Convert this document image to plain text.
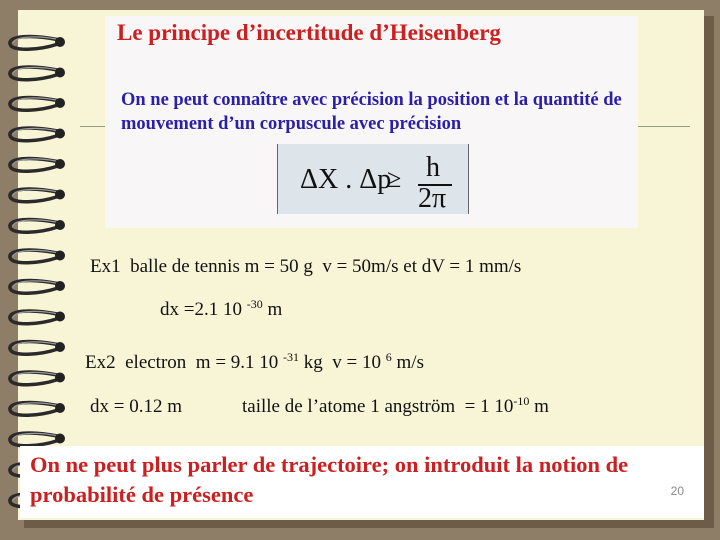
Le principe d’incertitude d’Heisenberg
On ne peut connaître avec précision la position et la quantité de mouvement d’un corpuscule avec précision
ΔX . Δp
≥ h
2π
Ex1  balle de tennis m = 50 g  v = 50m/s et dV = 1 mm/s
dx =2.1 10 $^{-30}$ m
Ex2  electron  m = 9.1 10 $^{-31}$ kg  v = 10 $^6$ m/s
dx = 0.12 m	taille de l’atome 1 angström  = 1 $10^{-10}$ m
On ne peut plus parler de trajectoire; on introduit la notion de probabilité de présence	20
